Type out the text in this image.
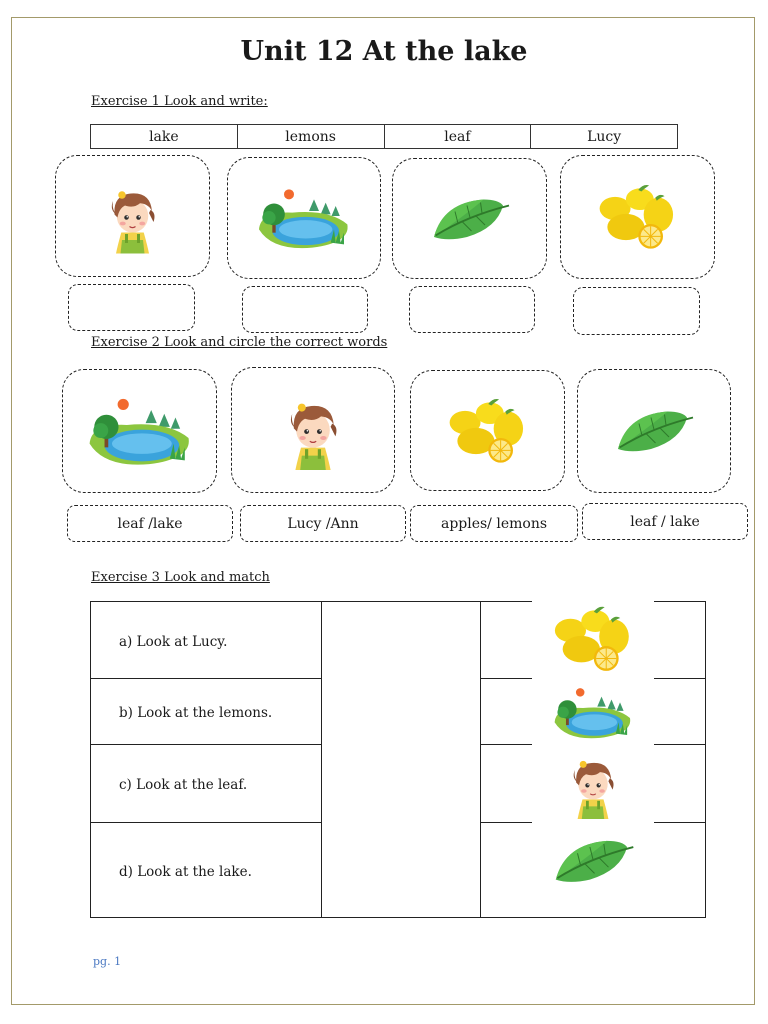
Unit 12 At the lake
Exercise 1 Look and write:
lake	lemons	leaf	Lucy
Exercise 2 Look and circle the correct words
leaf /lake	Lucy /Ann	apples/ lemons	leaf / lake
Exercise 3 Look and match
a) Look at Lucy.		
b) Look at the lemons.		
c) Look at the leaf.		
d) Look at the lake.		
pg. 1
